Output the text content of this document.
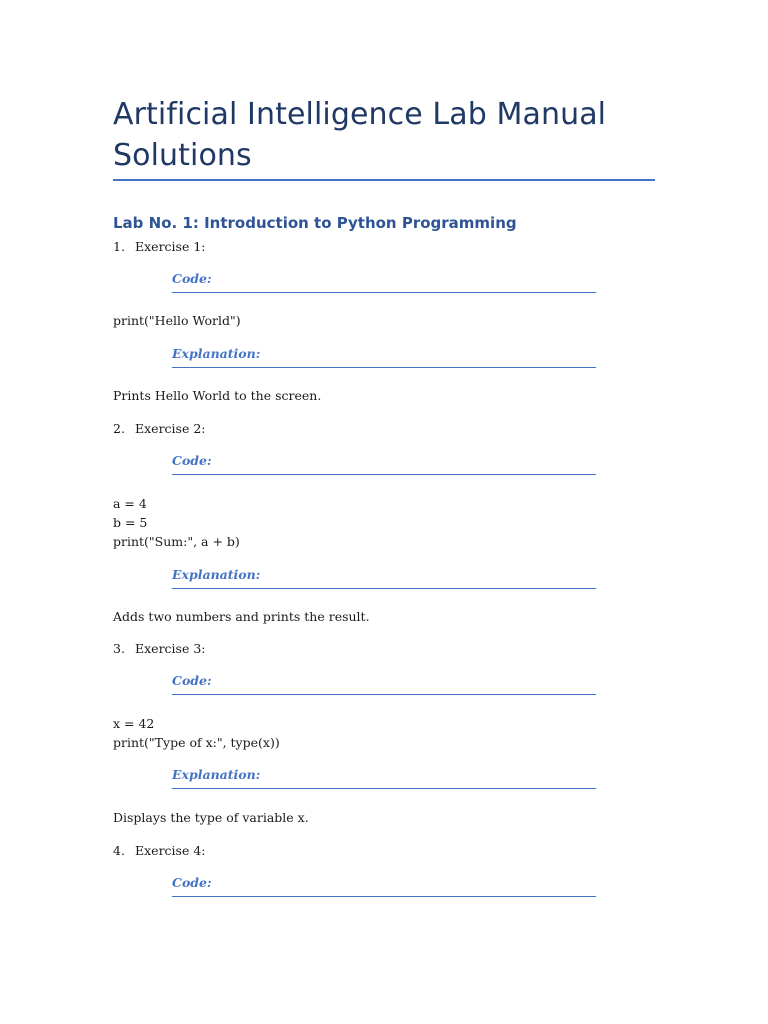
Artificial Intelligence Lab Manual
Solutions
Lab No. 1: Introduction to Python Programming
1. Exercise 1:
Code:
print("Hello World")
Explanation:
Prints Hello World to the screen.
2. Exercise 2:
Code:
a = 4
b = 5
print("Sum:", a + b)
Explanation:
Adds two numbers and prints the result.
3. Exercise 3:
Code:
x = 42
print("Type of x:", type(x))
Explanation:
Displays the type of variable x.
4. Exercise 4:
Code:
